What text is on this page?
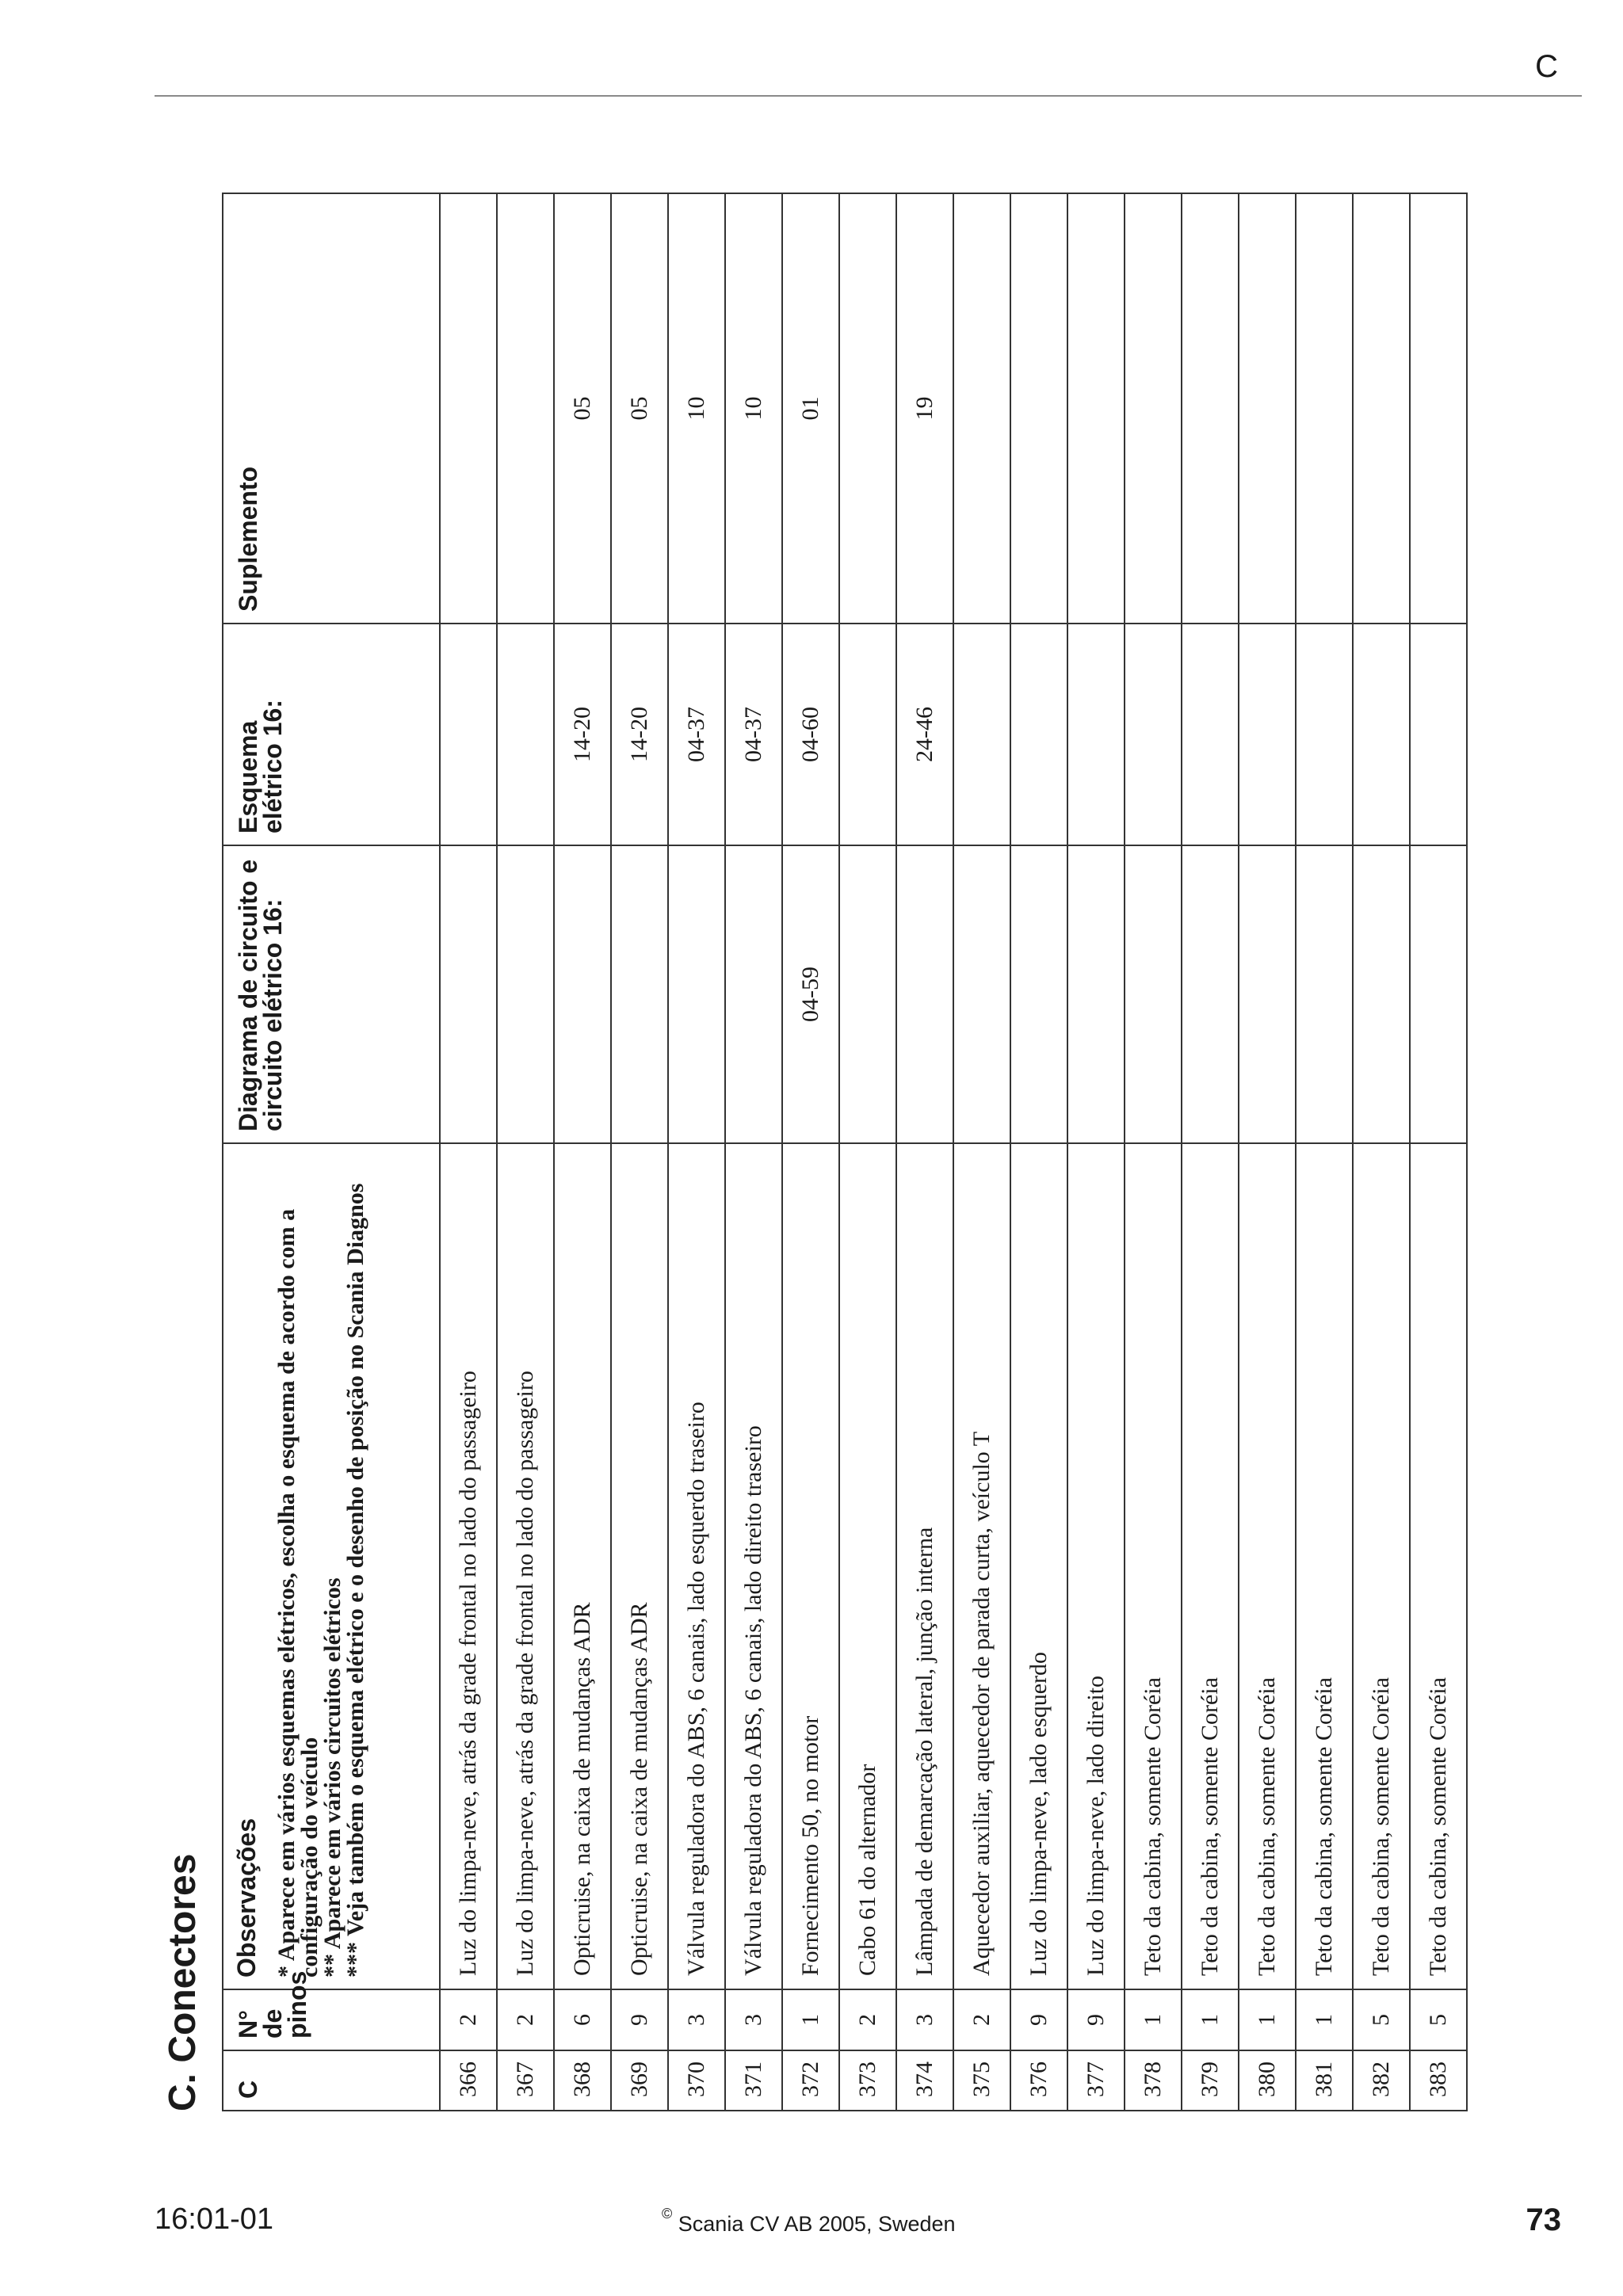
C
C. Conectores	C	N° de pinos	Observações * Aparece em vários esquemas elétricos, escolha o esquema de acordo com a configuração do veículo
** Aparece em vários circuitos elétricos
*** Veja também o esquema elétrico e o desenho de posição no Scania Diagnos	Diagrama de circuito e circuito elétrico 16:	Esquema elétrico 16:	Suplemento
366	2	Luz do limpa-neve, atrás da grade frontal no lado do passageiro			
367	2	Luz do limpa-neve, atrás da grade frontal no lado do passageiro			
368	6	Opticruise, na caixa de mudanças ADR		14-20	05
369	9	Opticruise, na caixa de mudanças ADR		14-20	05
370	3	Válvula reguladora do ABS, 6 canais, lado esquerdo traseiro		04-37	10
371	3	Válvula reguladora do ABS, 6 canais, lado direito traseiro		04-37	10
372	1	Fornecimento 50, no motor	04-59	04-60	01
373	2	Cabo 61 do alternador			
374	3	Lâmpada de demarcação lateral, junção interna		24-46	19
375	2	Aquecedor auxiliar, aquecedor de parada curta, veículo T			
376	9	Luz do limpa-neve, lado esquerdo			
377	9	Luz do limpa-neve, lado direito			
378	1	Teto da cabina, somente Coréia			
379	1	Teto da cabina, somente Coréia			
380	1	Teto da cabina, somente Coréia			
381	1	Teto da cabina, somente Coréia			
382	5	Teto da cabina, somente Coréia			
383	5	Teto da cabina, somente Coréia			
16:01-01	© Scania CV AB 2005, Sweden	73
